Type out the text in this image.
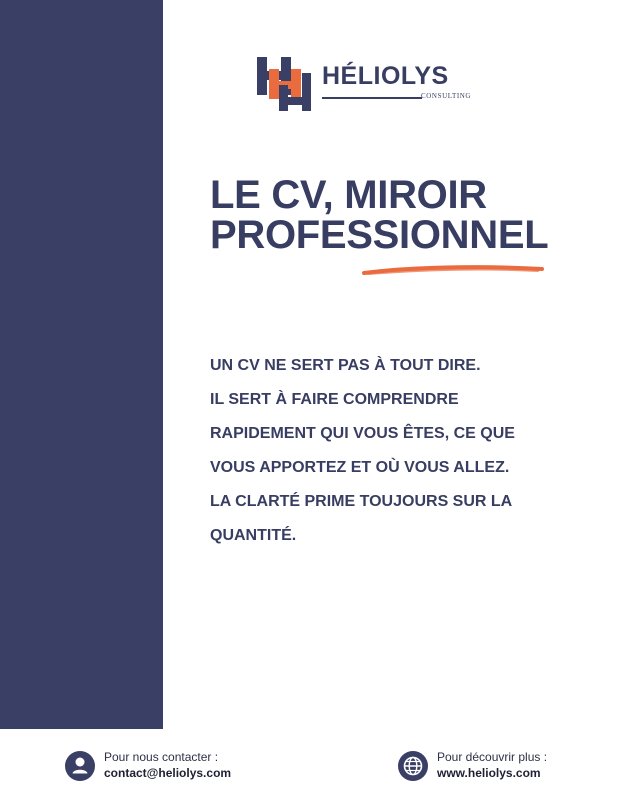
HÉLIOLYS
CONSULTING
LE CV, MIROIR
PROFESSIONNEL
UN CV NE SERT PAS À TOUT DIRE.
IL SERT À FAIRE COMPRENDRE
RAPIDEMENT QUI VOUS ÊTES, CE QUE
VOUS APPORTEZ ET OÙ VOUS ALLEZ.
LA CLARTÉ PRIME TOUJOURS SUR LA
QUANTITÉ.
Pour nous contacter :
contact@heliolys.com
Pour découvrir plus :
www.heliolys.com
